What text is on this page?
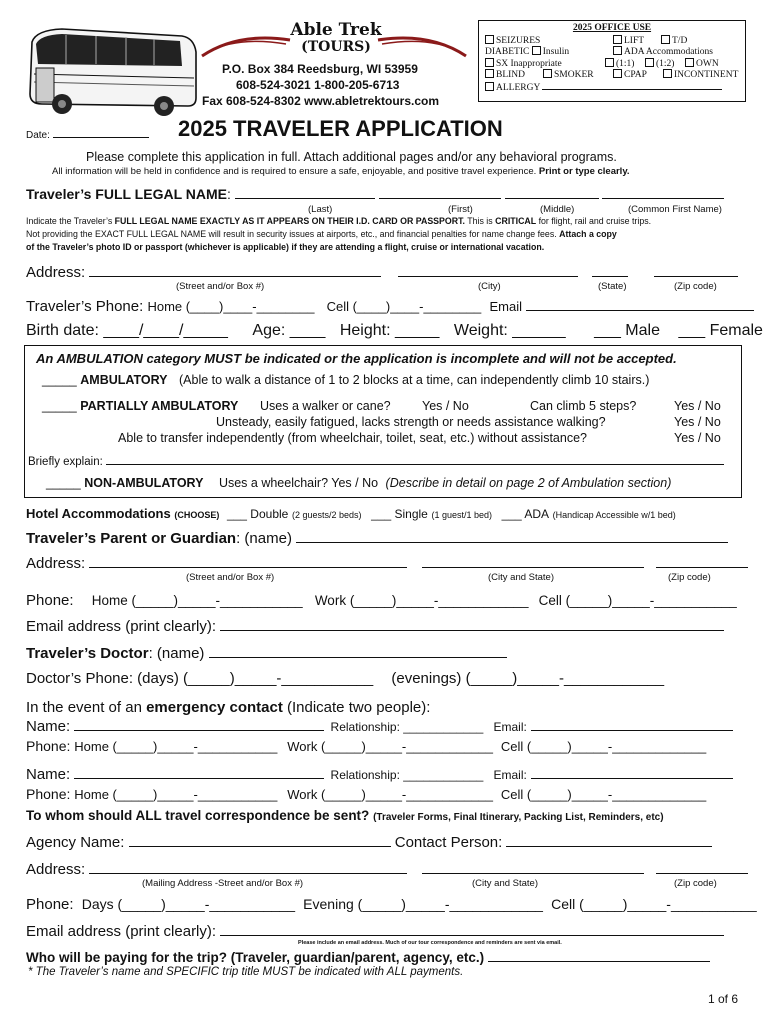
Able Trek
(TOURS)
P.O. Box 384 Reedsburg, WI 53959
608-524-3021 1-800-205-6713
Fax 608-524-8302 www.abletrektours.com
2025 OFFICE USE
SEIZURES	LIFT	T/D
DIABETIC Insulin	ADA Accommodations
SX Inappropriate	(1:1)	(1:2)	OWN
BLIND	SMOKER	CPAP	INCONTINENT
ALLERGY
Date:	2025 TRAVELER APPLICATION
Please complete this application in full. Attach additional pages and/or any behavioral programs.
All information will be held in confidence and is required to ensure a safe, enjoyable, and positive travel experience. Print or type clearly.
Traveler’s FULL LEGAL NAME:
(Last)	(First)	(Middle)	(Common First Name)
Indicate the Traveler’s FULL LEGAL NAME EXACTLY AS IT APPEARS ON THEIR I.D. CARD OR PASSPORT. This is CRITICAL for flight, rail and cruise trips.
Not providing the EXACT FULL LEGAL NAME will result in security issues at airports, etc., and financial penalties for name change fees. Attach a copy
of the Traveler’s photo ID or passport (whichever is applicable) if they are attending a flight, cruise or international vacation.
Address:
(Street and/or Box #)	(City)	(State)	(Zip code)
Traveler’s Phone: Home (____)____-________ Cell (____)____-________ Email
Birth date: ____/____/_____ Age: ____ Height: _____ Weight: ______ ___ Male ___ Female
An AMBULATION category MUST be indicated or the application is incomplete and will not be accepted.
_____ AMBULATORY (Able to walk a distance of 1 to 2 blocks at a time, can independently climb 10 stairs.)
_____ PARTIALLY AMBULATORY Uses a walker or cane?	Yes / No	Can climb 5 steps?	Yes / No
Unsteady, easily fatigued, lacks strength or needs assistance walking?	Yes / No
Able to transfer independently (from wheelchair, toilet, seat, etc.) without assistance?	Yes / No
Briefly explain:
_____ NON-AMBULATORY Uses a wheelchair? Yes / No (Describe in detail on page 2 of Ambulation section)
Hotel Accommodations (CHOOSE) ___ Double (2 guests/2 beds) ___ Single (1 guest/1 bed) ___ ADA (Handicap Accessible w/1 bed)
Traveler’s Parent or Guardian: (name)
Address:
(Street and/or Box #)	(City and State)	(Zip code)
Phone: Home (_____)_____-___________ Work (_____)_____-____________ Cell (_____)_____-___________
Email address (print clearly):
Traveler’s Doctor: (name)
Doctor’s Phone: (days) (_____)_____-___________ (evenings) (_____)_____-____________
In the event of an emergency contact (Indicate two people):
Name:	Relationship: ____________ Email:
Phone: Home (_____)_____-___________ Work (_____)_____-____________ Cell (_____)_____-_____________
Name:	Relationship: ____________ Email:
Phone: Home (_____)_____-___________ Work (_____)_____-____________ Cell (_____)_____-_____________
To whom should ALL travel correspondence be sent? (Traveler Forms, Final Itinerary, Packing List, Reminders, etc)
Agency Name:	Contact Person:
Address:
(Mailing Address -Street and/or Box #)	(City and State)	(Zip code)
Phone: Days (_____)_____-___________ Evening (_____)_____-____________ Cell (_____)_____-___________
Email address (print clearly):
Please include an email address. Much of our tour correspondence and reminders are sent via email.
Who will be paying for the trip? (Traveler, guardian/parent, agency, etc.)
* The Traveler’s name and SPECIFIC trip title MUST be indicated with ALL payments.
1 of 6
